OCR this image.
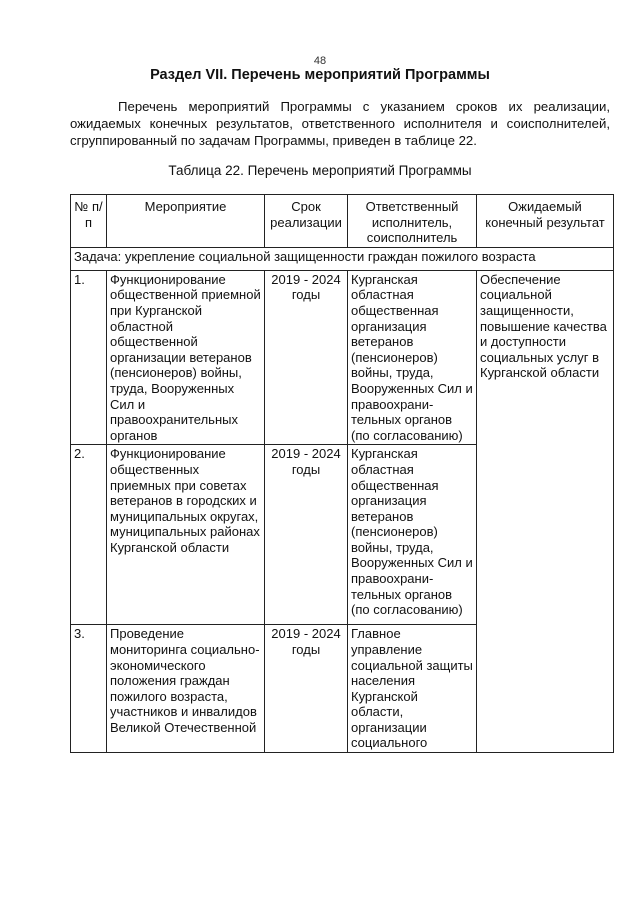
48
Раздел VII. Перечень мероприятий Программы

Перечень мероприятий Программы с указанием сроков их реализации, ожидаемых конечных результатов, ответственного исполнителя и соисполнителей, сгруппированный по задачам Программы, приведен в таблице 22.

Таблица 22. Перечень мероприятий Программы
№ п/п	Мероприятие	Срок реализации	Ответственный исполнитель, соисполнитель	Ожидаемый конечный результат
Задача: укрепление социальной защищенности граждан пожилого возраста				
1.	Функционирование общественной приемной при Курганской областной общественной организации ветеранов (пенсионеров) войны, труда, Вооруженных Сил и правоохранительных органов	2019 - 2024 годы	Курганская областная общественная организация ветеранов (пенсионеров) войны, труда, Вооруженных Сил и правоохрани-тельных органов (по согласованию)	Обеспечение социальной защищенности, повышение качества и доступности социальных услуг в Курганской области
2.	Функционирование общественных приемных при советах ветеранов в городских и муниципальных округах, муниципальных районах Курганской области	2019 - 2024 годы	Курганская областная общественная организация ветеранов (пенсионеров) войны, труда, Вооруженных Сил и правоохрани-тельных органов (по согласованию)	
3.	Проведение мониторинга социально-экономического положения граждан пожилого возраста, участников и инвалидов Великой Отечественной	2019 - 2024 годы	Главное управление социальной защиты населения Курганской области, организации социального	
